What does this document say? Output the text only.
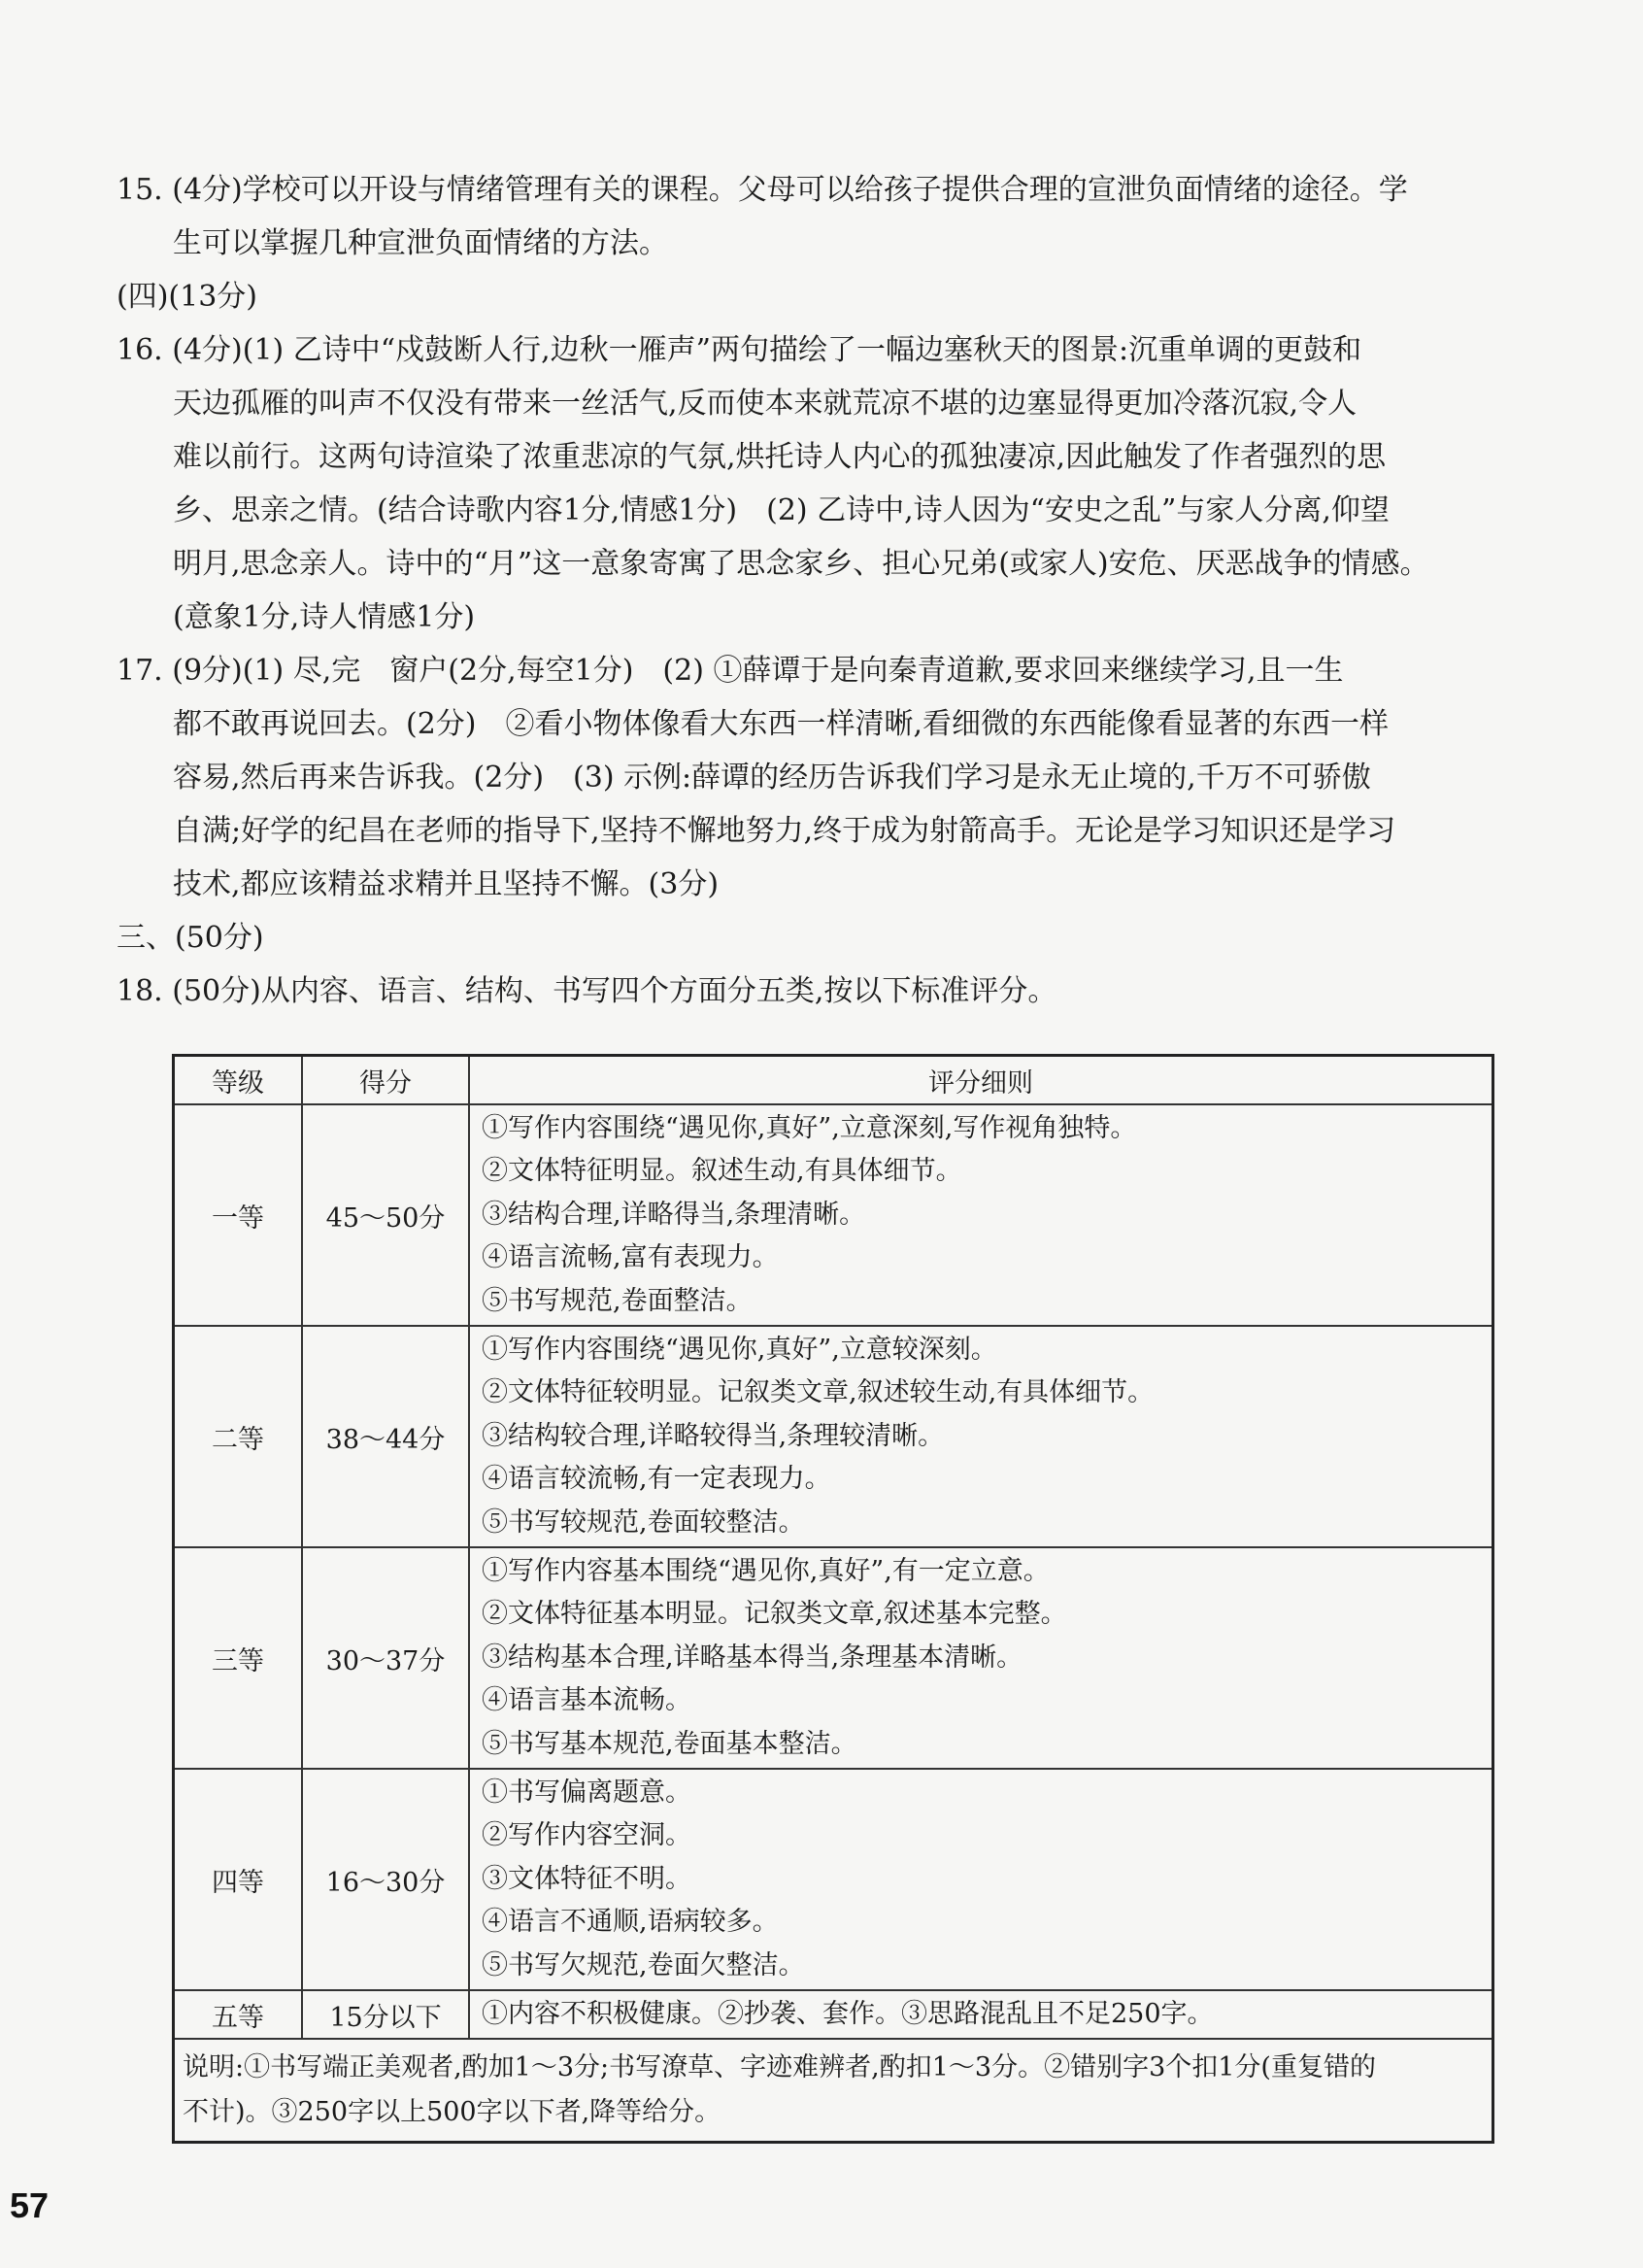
15. (4分)学校可以开设与情绪管理有关的课程。父母可以给孩子提供合理的宣泄负面情绪的途径。学
生可以掌握几种宣泄负面情绪的方法。
(四)(13分)
16. (4分)(1) 乙诗中“戍鼓断人行,边秋一雁声”两句描绘了一幅边塞秋天的图景:沉重单调的更鼓和
天边孤雁的叫声不仅没有带来一丝活气,反而使本来就荒凉不堪的边塞显得更加冷落沉寂,令人
难以前行。这两句诗渲染了浓重悲凉的气氛,烘托诗人内心的孤独凄凉,因此触发了作者强烈的思
乡、思亲之情。(结合诗歌内容1分,情感1分)　(2) 乙诗中,诗人因为“安史之乱”与家人分离,仰望
明月,思念亲人。诗中的“月”这一意象寄寓了思念家乡、担心兄弟(或家人)安危、厌恶战争的情感。
(意象1分,诗人情感1分)
17. (9分)(1) 尽,完　窗户(2分,每空1分)　(2) ①薛谭于是向秦青道歉,要求回来继续学习,且一生
都不敢再说回去。(2分)　②看小物体像看大东西一样清晰,看细微的东西能像看显著的东西一样
容易,然后再来告诉我。(2分)　(3) 示例:薛谭的经历告诉我们学习是永无止境的,千万不可骄傲
自满;好学的纪昌在老师的指导下,坚持不懈地努力,终于成为射箭高手。无论是学习知识还是学习
技术,都应该精益求精并且坚持不懈。(3分)
三、(50分)
18. (50分)从内容、语言、结构、书写四个方面分五类,按以下标准评分。
等级	得分	评分细则
一等	45～50分	①写作内容围绕“遇见你,真好”,立意深刻,写作视角独特。
②文体特征明显。叙述生动,有具体细节。
③结构合理,详略得当,条理清晰。
④语言流畅,富有表现力。
⑤书写规范,卷面整洁。

二等	38～44分	①写作内容围绕“遇见你,真好”,立意较深刻。
②文体特征较明显。记叙类文章,叙述较生动,有具体细节。
③结构较合理,详略较得当,条理较清晰。
④语言较流畅,有一定表现力。
⑤书写较规范,卷面较整洁。

三等	30～37分	①写作内容基本围绕“遇见你,真好”,有一定立意。
②文体特征基本明显。记叙类文章,叙述基本完整。
③结构基本合理,详略基本得当,条理基本清晰。
④语言基本流畅。
⑤书写基本规范,卷面基本整洁。

四等	16～30分	①书写偏离题意。
②写作内容空洞。
③文体特征不明。
④语言不通顺,语病较多。
⑤书写欠规范,卷面欠整洁。

五等	15分以下	①内容不积极健康。②抄袭、套作。③思路混乱且不足250字。

说明:①书写端正美观者,酌加1～3分;书写潦草、字迹难辨者,酌扣1～3分。②错别字3个扣1分(重复错的
不计)。③250字以上500字以下者,降等给分。		
57
